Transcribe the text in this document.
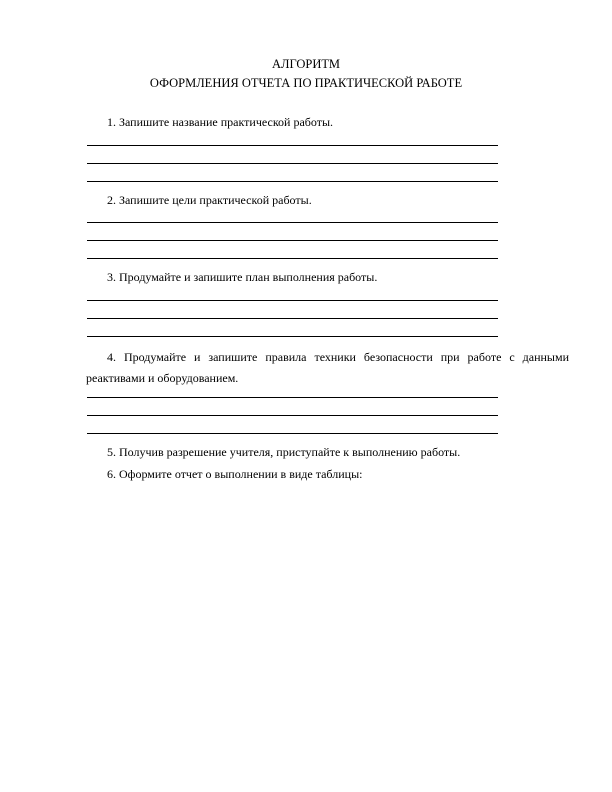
АЛГОРИТМ
ОФОРМЛЕНИЯ ОТЧЕТА ПО ПРАКТИЧЕСКОЙ РАБОТЕ
1. Запишите название практической работы.
2. Запишите цели практической работы.
3. Продумайте и запишите план выполнения работы.
4. Продумайте и запишите правила техники безопасности при работе с данными реактивами и оборудованием.
5. Получив разрешение учителя, приступайте к выполнению работы.
6. Оформите отчет о выполнении в виде таблицы:
